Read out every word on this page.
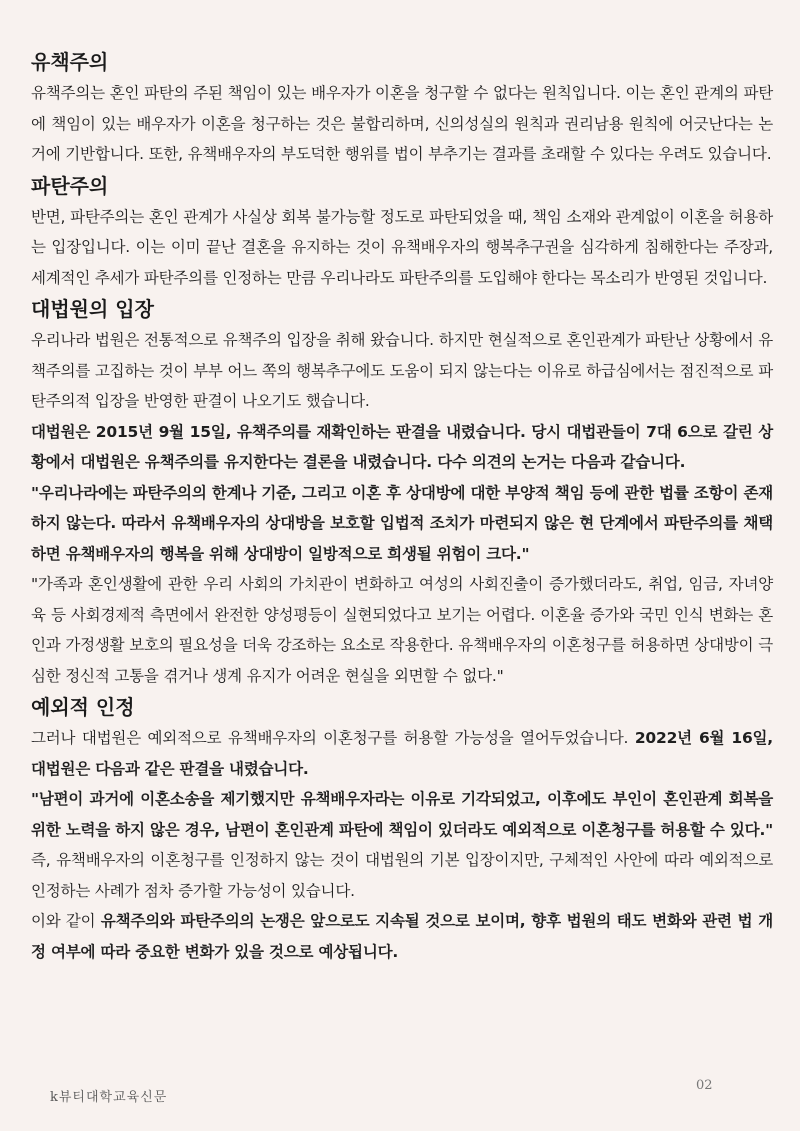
유책주의

유책주의는 혼인 파탄의 주된 책임이 있는 배우자가 이혼을 청구할 수 없다는 원칙입니다. 이는 혼인 관계의 파탄에 책임이 있는 배우자가 이혼을 청구하는 것은 불합리하며, 신의성실의 원칙과 권리남용 원칙에 어긋난다는 논거에 기반합니다. 또한, 유책배우자의 부도덕한 행위를 법이 부추기는 결과를 초래할 수 있다는 우려도 있습니다.

파탄주의

반면, 파탄주의는 혼인 관계가 사실상 회복 불가능할 정도로 파탄되었을 때, 책임 소재와 관계없이 이혼을 허용하는 입장입니다. 이는 이미 끝난 결혼을 유지하는 것이 유책배우자의 행복추구권을 심각하게 침해한다는 주장과, 세계적인 추세가 파탄주의를 인정하는 만큼 우리나라도 파탄주의를 도입해야 한다는 목소리가 반영된 것입니다.

대법원의 입장

우리나라 법원은 전통적으로 유책주의 입장을 취해 왔습니다. 하지만 현실적으로 혼인관계가 파탄난 상황에서 유책주의를 고집하는 것이 부부 어느 쪽의 행복추구에도 도움이 되지 않는다는 이유로 하급심에서는 점진적으로 파탄주의적 입장을 반영한 판결이 나오기도 했습니다.

대법원은 2015년 9월 15일, 유책주의를 재확인하는 판결을 내렸습니다. 당시 대법관들이 7대 6으로 갈린 상황에서 대법원은 유책주의를 유지한다는 결론을 내렸습니다. 다수 의견의 논거는 다음과 같습니다.

"우리나라에는 파탄주의의 한계나 기준, 그리고 이혼 후 상대방에 대한 부양적 책임 등에 관한 법률 조항이 존재하지 않는다. 따라서 유책배우자의 상대방을 보호할 입법적 조치가 마련되지 않은 현 단계에서 파탄주의를 채택하면 유책배우자의 행복을 위해 상대방이 일방적으로 희생될 위험이 크다."

"가족과 혼인생활에 관한 우리 사회의 가치관이 변화하고 여성의 사회진출이 증가했더라도, 취업, 임금, 자녀양육 등 사회경제적 측면에서 완전한 양성평등이 실현되었다고 보기는 어렵다. 이혼율 증가와 국민 인식 변화는 혼인과 가정생활 보호의 필요성을 더욱 강조하는 요소로 작용한다. 유책배우자의 이혼청구를 허용하면 상대방이 극심한 정신적 고통을 겪거나 생계 유지가 어려운 현실을 외면할 수 없다."

예외적 인정

그러나 대법원은 예외적으로 유책배우자의 이혼청구를 허용할 가능성을 열어두었습니다. 2022년 6월 16일, 대법원은 다음과 같은 판결을 내렸습니다.

"남편이 과거에 이혼소송을 제기했지만 유책배우자라는 이유로 기각되었고, 이후에도 부인이 혼인관계 회복을 위한 노력을 하지 않은 경우, 남편이 혼인관계 파탄에 책임이 있더라도 예외적으로 이혼청구를 허용할 수 있다."

즉, 유책배우자의 이혼청구를 인정하지 않는 것이 대법원의 기본 입장이지만, 구체적인 사안에 따라 예외적으로 인정하는 사례가 점차 증가할 가능성이 있습니다.

이와 같이 유책주의와 파탄주의의 논쟁은 앞으로도 지속될 것으로 보이며, 향후 법원의 태도 변화와 관련 법 개정 여부에 따라 중요한 변화가 있을 것으로 예상됩니다.

k뷰티대학교육신문
02
